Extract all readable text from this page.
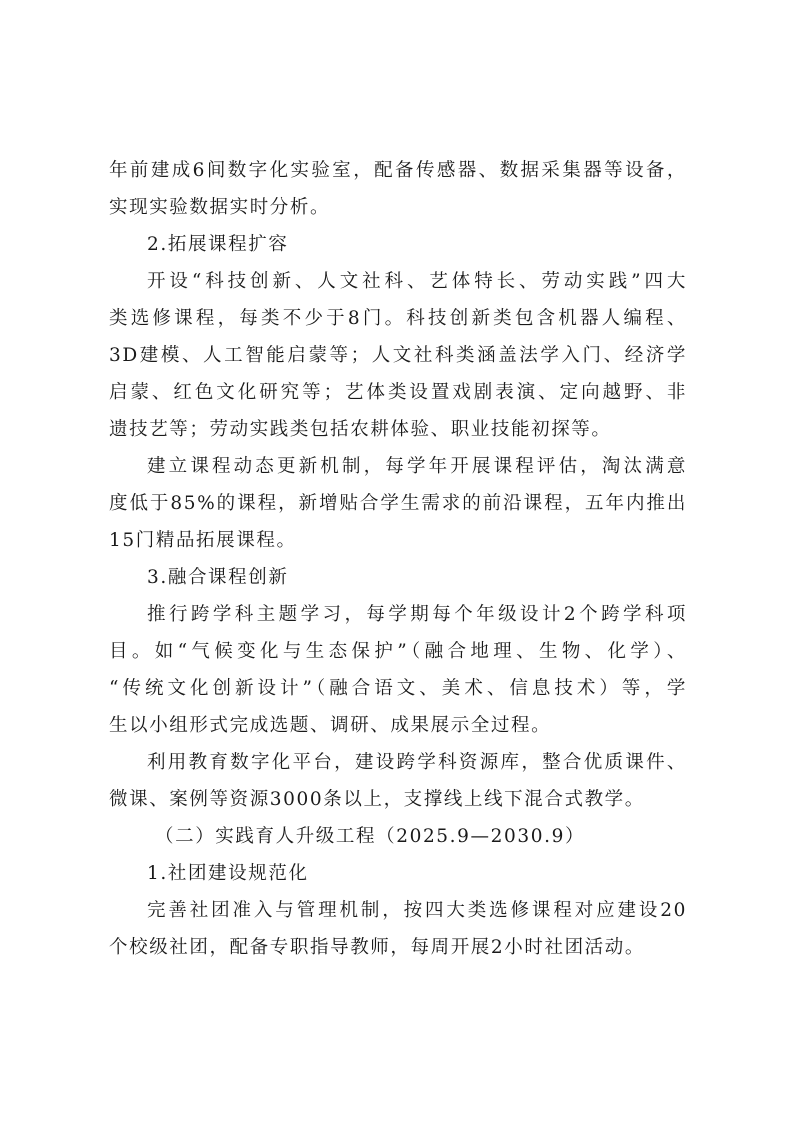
年前建成6间数字化实验室，配备传感器、数据采集器等设备，
实现实验数据实时分析。
2.拓展课程扩容
开设“科技创新、人文社科、艺体特长、劳动实践”四大
类选修课程，每类不少于8门。科技创新类包含机器人编程、
3D建模、人工智能启蒙等；人文社科类涵盖法学入门、经济学
启蒙、红色文化研究等；艺体类设置戏剧表演、定向越野、非
遗技艺等；劳动实践类包括农耕体验、职业技能初探等。
建立课程动态更新机制，每学年开展课程评估，淘汰满意
度低于85%的课程，新增贴合学生需求的前沿课程，五年内推出
15门精品拓展课程。
3.融合课程创新
推行跨学科主题学习，每学期每个年级设计2个跨学科项
目。如“气候变化与生态保护”（融合地理、生物、化学）、
“传统文化创新设计”（融合语文、美术、信息技术）等，学
生以小组形式完成选题、调研、成果展示全过程。
利用教育数字化平台，建设跨学科资源库，整合优质课件、
微课、案例等资源3000条以上，支撑线上线下混合式教学。
（二）实践育人升级工程（2025.9—2030.9）
1.社团建设规范化
完善社团准入与管理机制，按四大类选修课程对应建设20
个校级社团，配备专职指导教师，每周开展2小时社团活动。
